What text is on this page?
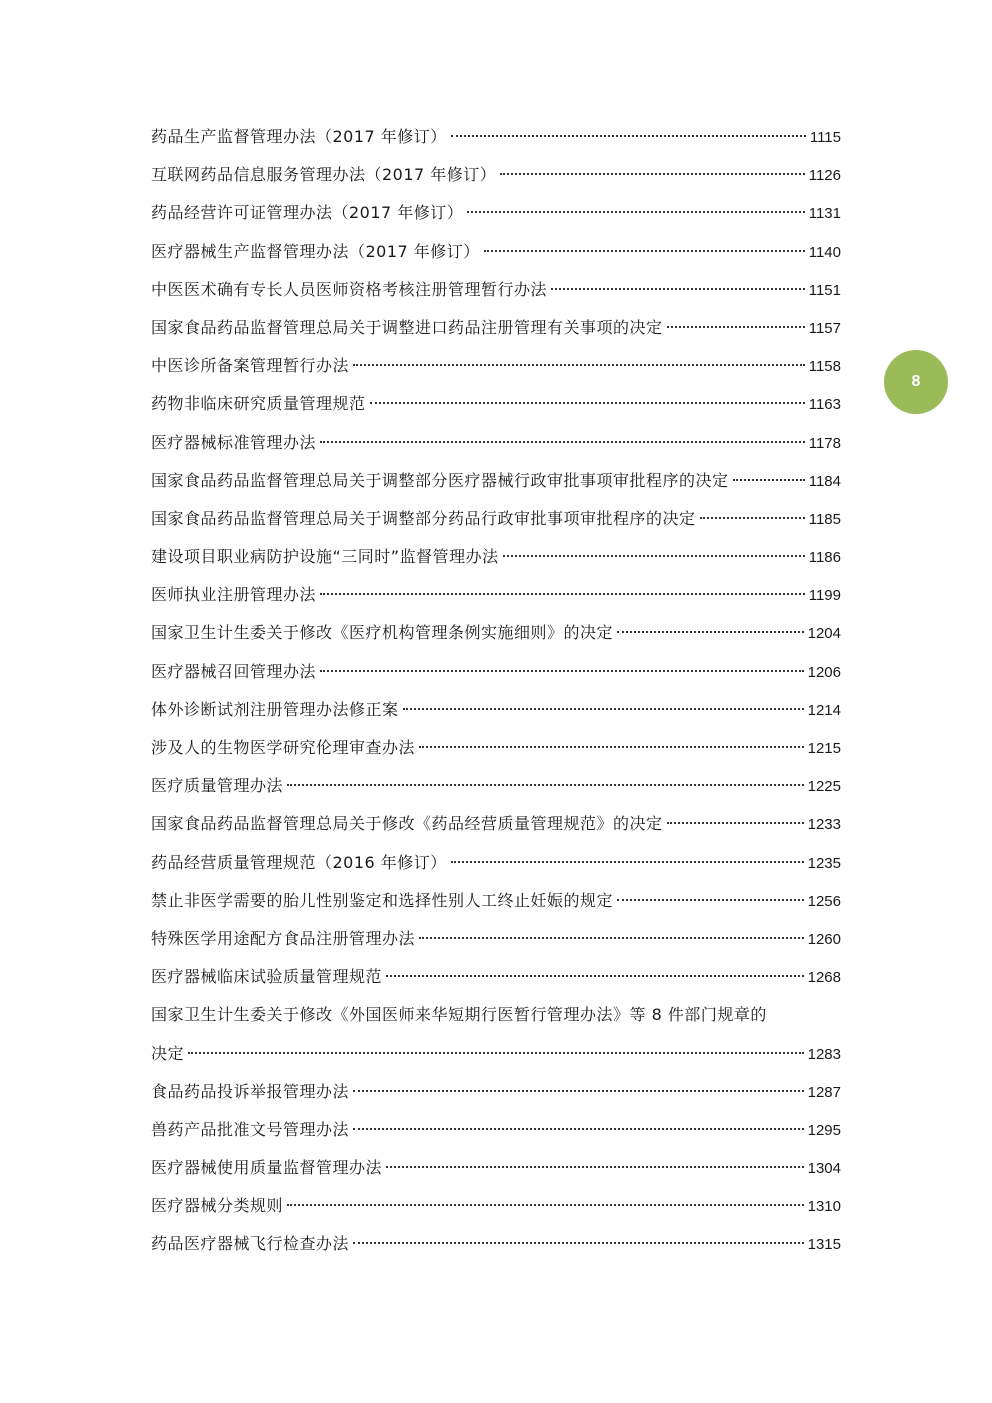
药品生产监督管理办法（2017 年修订）	1115
互联网药品信息服务管理办法（2017 年修订）	1126
药品经营许可证管理办法（2017 年修订）	1131
医疗器械生产监督管理办法（2017 年修订）	1140
中医医术确有专长人员医师资格考核注册管理暂行办法	1151
国家食品药品监督管理总局关于调整进口药品注册管理有关事项的决定	1157
中医诊所备案管理暂行办法	1158
药物非临床研究质量管理规范	1163
医疗器械标准管理办法	1178
国家食品药品监督管理总局关于调整部分医疗器械行政审批事项审批程序的决定	1184
国家食品药品监督管理总局关于调整部分药品行政审批事项审批程序的决定	1185
建设项目职业病防护设施“三同时”监督管理办法	1186
医师执业注册管理办法	1199
国家卫生计生委关于修改《医疗机构管理条例实施细则》的决定	1204
医疗器械召回管理办法	1206
体外诊断试剂注册管理办法修正案	1214
涉及人的生物医学研究伦理审查办法	1215
医疗质量管理办法	1225
国家食品药品监督管理总局关于修改《药品经营质量管理规范》的决定	1233
药品经营质量管理规范（2016 年修订）	1235
禁止非医学需要的胎儿性别鉴定和选择性别人工终止妊娠的规定	1256
特殊医学用途配方食品注册管理办法	1260
医疗器械临床试验质量管理规范	1268
国家卫生计生委关于修改《外国医师来华短期行医暂行管理办法》等 8 件部门规章的
决定	1283
食品药品投诉举报管理办法	1287
兽药产品批准文号管理办法	1295
医疗器械使用质量监督管理办法	1304
医疗器械分类规则	1310
药品医疗器械飞行检查办法	1315
8
